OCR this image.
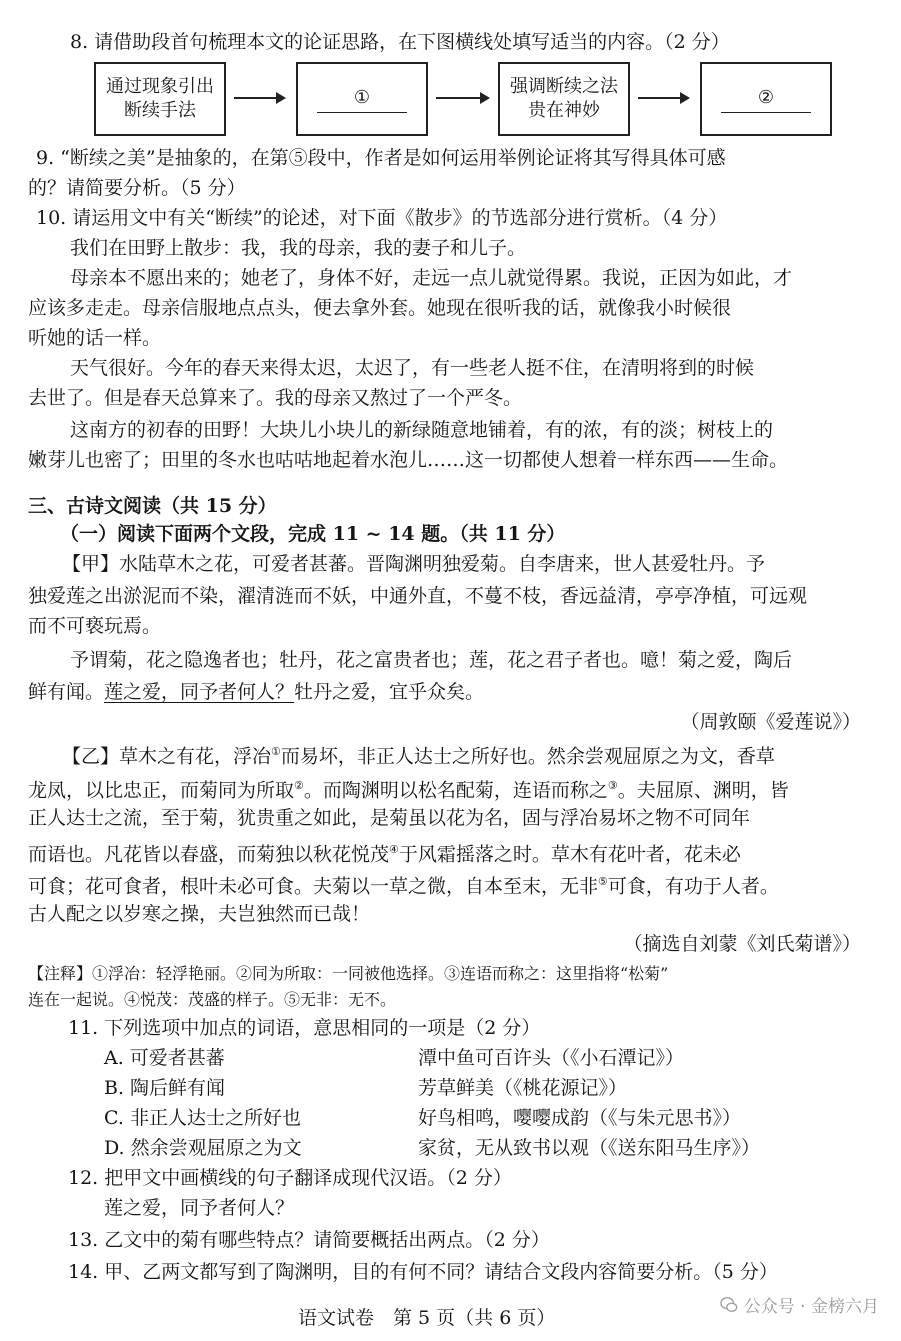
8. 请借助段首句梳理本文的论证思路，在下图横线处填写适当的内容。（2 分）
通过现象引出
断续手法
①	强调断续之法
贵在神妙
②
9. “断续之美”是抽象的，在第⑤段中，作者是如何运用举例论证将其写得具体可感
的？请简要分析。（5 分）
10. 请运用文中有关“断续”的论述，对下面《散步》的节选部分进行赏析。（4 分）
我们在田野上散步：我，我的母亲，我的妻子和儿子。
母亲本不愿出来的；她老了，身体不好，走远一点儿就觉得累。我说，正因为如此，才
应该多走走。母亲信服地点点头，便去拿外套。她现在很听我的话，就像我小时候很
听她的话一样。
天气很好。今年的春天来得太迟，太迟了，有一些老人挺不住，在清明将到的时候
去世了。但是春天总算来了。我的母亲又熬过了一个严冬。
这南方的初春的田野！大块儿小块儿的新绿随意地铺着，有的浓，有的淡；树枝上的
嫩芽儿也密了；田里的冬水也咕咕地起着水泡儿……这一切都使人想着一样东西——生命。
三、古诗文阅读（共 15 分）
（一）阅读下面两个文段，完成 11 ~ 14 题。（共 11 分）
【甲】水陆草木之花，可爱者甚蕃。晋陶渊明独爱菊。自李唐来，世人甚爱牡丹。予
独爱莲之出淤泥而不染，濯清涟而不妖，中通外直，不蔓不枝，香远益清，亭亭净植，可远观
而不可亵玩焉。
予谓菊，花之隐逸者也；牡丹，花之富贵者也；莲，花之君子者也。噫！菊之爱，陶后
鲜有闻。莲之爱，同予者何人？牡丹之爱，宜乎众矣。
（周敦颐《爱莲说》）
【乙】草木之有花，浮冶①而易坏，非正人达士之所好也。然余尝观屈原之为文，香草
龙凤，以比忠正，而菊同为所取②。而陶渊明以松名配菊，连语而称之③。夫屈原、渊明，皆
正人达士之流，至于菊，犹贵重之如此，是菊虽以花为名，固与浮冶易坏之物不可同年
而语也。凡花皆以春盛，而菊独以秋花悦茂④于风霜摇落之时。草木有花叶者，花未必
可食；花可食者，根叶未必可食。夫菊以一草之微，自本至末，无非⑤可食，有功于人者。
古人配之以岁寒之操，夫岂独然而已哉！
（摘选自刘蒙《刘氏菊谱》）
【注释】①浮冶：轻浮艳丽。②同为所取：一同被他选择。③连语而称之：这里指将“松菊”
连在一起说。④悦茂：茂盛的样子。⑤无非：无不。
11. 下列选项中加点的词语，意思相同的一项是（2 分）
A. 可爱者甚蕃	潭中鱼可百许头（《小石潭记》）
B. 陶后鲜有闻	芳草鲜美（《桃花源记》）
C. 非正人达士之所好也	好鸟相鸣，嘤嘤成韵（《与朱元思书》）
D. 然余尝观屈原之为文	家贫，无从致书以观（《送东阳马生序》）
12. 把甲文中画横线的句子翻译成现代汉语。（2 分）
莲之爱，同予者何人？
13. 乙文中的菊有哪些特点？请简要概括出两点。（2 分）
14. 甲、乙两文都写到了陶渊明，目的有何不同？请结合文段内容简要分析。（5 分）
语文试卷　第 5 页（共 6 页）	公众号 · 金榜六月
